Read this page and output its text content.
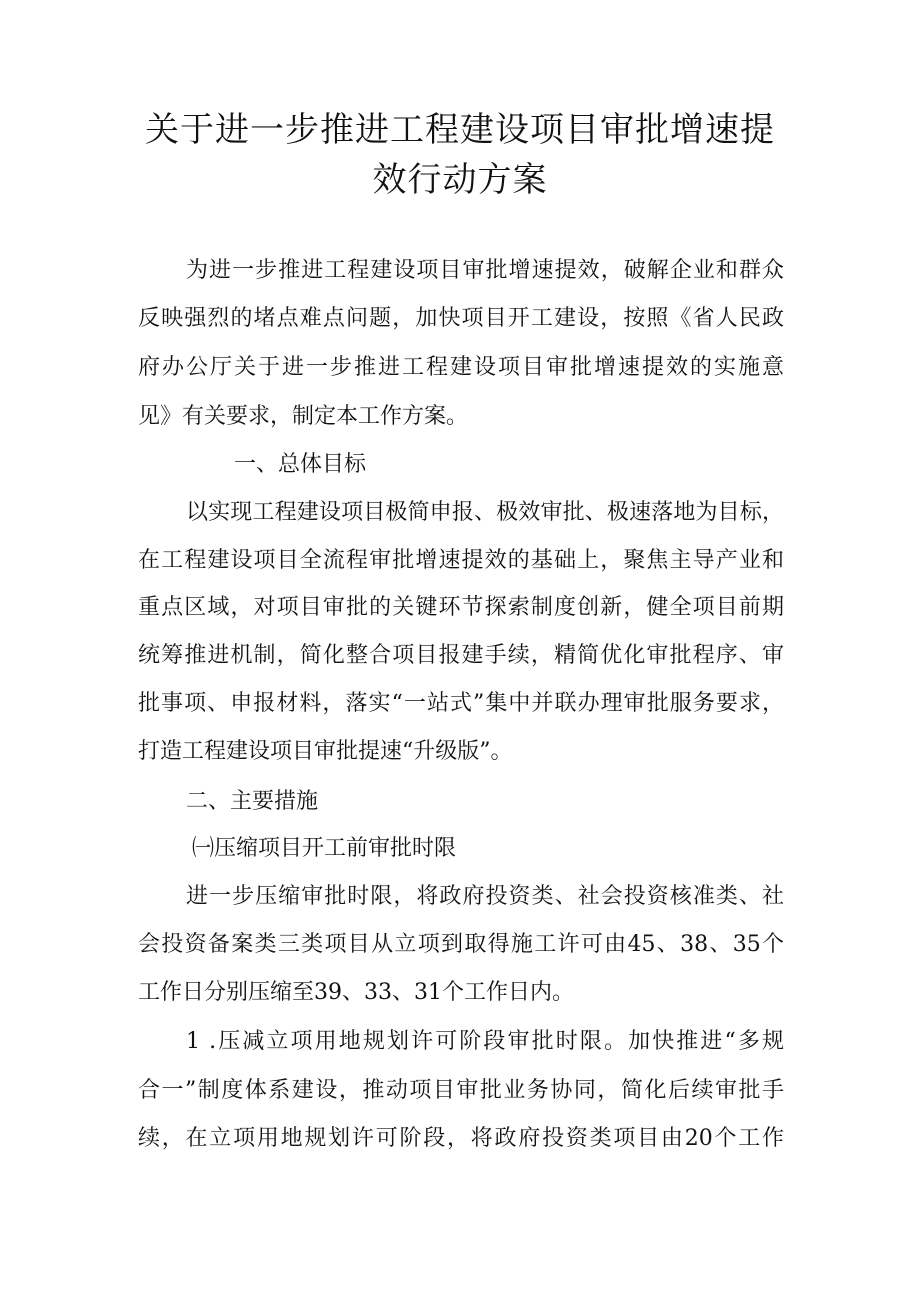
关于进一步推进工程建设项目审批增速提
效行动方案
为进一步推进工程建设项目审批增速提效，破解企业和群众
反映强烈的堵点难点问题，加快项目开工建设，按照《省人民政
府办公厅关于进一步推进工程建设项目审批增速提效的实施意
见》有关要求，制定本工作方案。
一、总体目标
以实现工程建设项目极简申报、极效审批、极速落地为目标，
在工程建设项目全流程审批增速提效的基础上，聚焦主导产业和
重点区域，对项目审批的关键环节探索制度创新，健全项目前期
统筹推进机制，简化整合项目报建手续，精简优化审批程序、审
批事项、申报材料，落实“一站式”集中并联办理审批服务要求，
打造工程建设项目审批提速“升级版”。
二、主要措施
㈠压缩项目开工前审批时限
进一步压缩审批时限，将政府投资类、社会投资核准类、社
会投资备案类三类项目从立项到取得施工许可由45、38、35个
工作日分别压缩至39、33、31个工作日内。
1 .压减立项用地规划许可阶段审批时限。加快推进“多规
合一”制度体系建设，推动项目审批业务协同，简化后续审批手
续，在立项用地规划许可阶段，将政府投资类项目由20个工作
